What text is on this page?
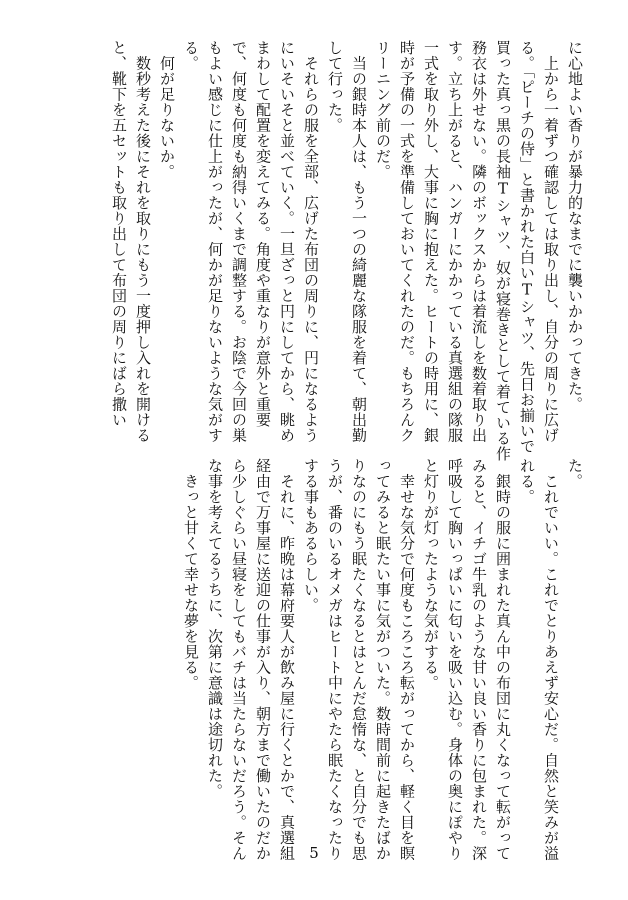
に心地よい香りが暴力的なまでに襲いかかってきた。
　上から一着ずつ確認しては取り出し、自分の周りに広げ
る。「ピーチの侍」と書かれた白いTシャツ、先日お揃いで
買った真っ黒の長袖Tシャツ、奴が寝巻きとして着ている作
務衣は外せない。隣のボックスからは着流しを数着取り出
す。立ち上がると、ハンガーにかかっている真選組の隊服
一式を取り外し、大事に胸に抱えた。ヒートの時用に、銀
時が予備の一式を準備しておいてくれたのだ。もちろんク
リーニング前のだ。
　当の銀時本人は、もう一つの綺麗な隊服を着て、朝出勤
して行った。
　それらの服を全部、広げた布団の周りに、円になるよう
にいそいそと並べていく。一旦ざっと円にしてから、眺め
まわして配置を変えてみる。角度や重なりが意外と重要
で、何度も何度も納得いくまで調整する。お陰で今回の巣
もよい感じに仕上がったが、何かが足りないような気がす
る。
　何が足りないか。
　数秒考えた後にそれを取りにもう一度押し入れを開ける
と、靴下を五セットも取り出して布団の周りにばら撒い
た。
　これでいい。これでとりあえず安心だ。自然と笑みが溢
れる。
　銀時の服に囲まれた真ん中の布団に丸くなって転がって
みると、イチゴ牛乳のような甘い良い香りに包まれた。深
呼吸して胸いっぱいに匂いを吸い込む。身体の奥にぽやり
と灯りが灯ったような気がする。
　幸せな気分で何度もころころ転がってから、軽く目を瞑
ってみると眠たい事に気がついた。数時間前に起きたばか
りなのにもう眠たくなるとはとんだ怠惰な、と自分でも思
うが、番のいるオメガはヒート中にやたら眠たくなったり
する事もあるらしい。
　それに、昨晩は幕府要人が飲み屋に行くとかで、真選組
経由で万事屋に送迎の仕事が入り、朝方まで働いたのだか
ら少しぐらい昼寝をしてもバチは当たらないだろう。そん
な事を考えてるうちに、次第に意識は途切れた。
　きっと甘くて幸せな夢を見る。
5
